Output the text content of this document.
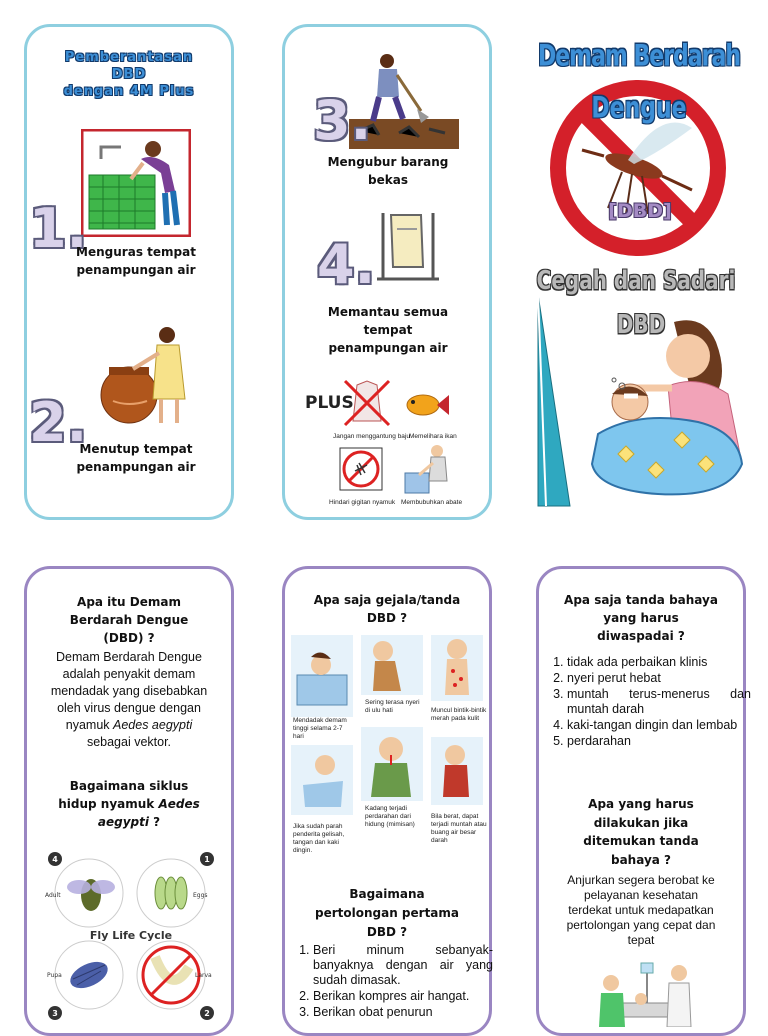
Pemberantasan
DBD
dengan 4M Plus
1.
Menguras tempat
penampungan air
2.
Menutup tempat
penampungan air
3.
Mengubur barang
bekas
4.
Memantau semua
tempat
penampungan air
PLUS
Jangan menggantung baju Memelihara ikan
Hindari gigitan nyamuk Membubuhkan abate
Demam Berdarah
Dengue
[DBD]
Cegah dan Sadari
DBD
Apa itu Demam
Berdarah Dengue
(DBD) ?
Demam Berdarah Dengue
adalah penyakit demam
mendadak yang disebabkan
oleh virus dengue dengan
nyamuk Aedes aegypti
sebagai vektor.
Bagaimana siklus
hidup nyamuk Aedes
aegypti ?
Fly Life Cycle
Adult	Eggs
Pupa	Larva
4	1
3	2
Apa saja gejala/tanda
DBD ?
Mendadak demam tinggi selama 2-7 hari
Sering terasa nyeri di ulu hati	Muncul bintik-bintik merah pada kulit
Jika sudah parah penderita gelisah, tangan dan kaki dingin.
Kadang terjadi perdarahan dari hidung (mimisan)
Bila berat, dapat terjadi muntah atau buang air besar darah
Bagaimana
pertolongan pertama
DBD ?
1. Beri minum sebanyak-banyaknya dengan air yang sudah dimasak.
2. Berikan kompres air hangat.
3. Berikan obat penurun
Apa saja tanda bahaya
yang harus
diwaspadai ?
1. tidak ada perbaikan klinis
2. nyeri perut hebat
3. muntah terus-menerus dan muntah darah
4. kaki-tangan dingin dan lembab
5. perdarahan
Apa yang harus
dilakukan jika
ditemukan tanda
bahaya ?
Anjurkan segera berobat ke
pelayanan kesehatan
terdekat untuk medapatkan
pertolongan yang cepat dan
tepat
